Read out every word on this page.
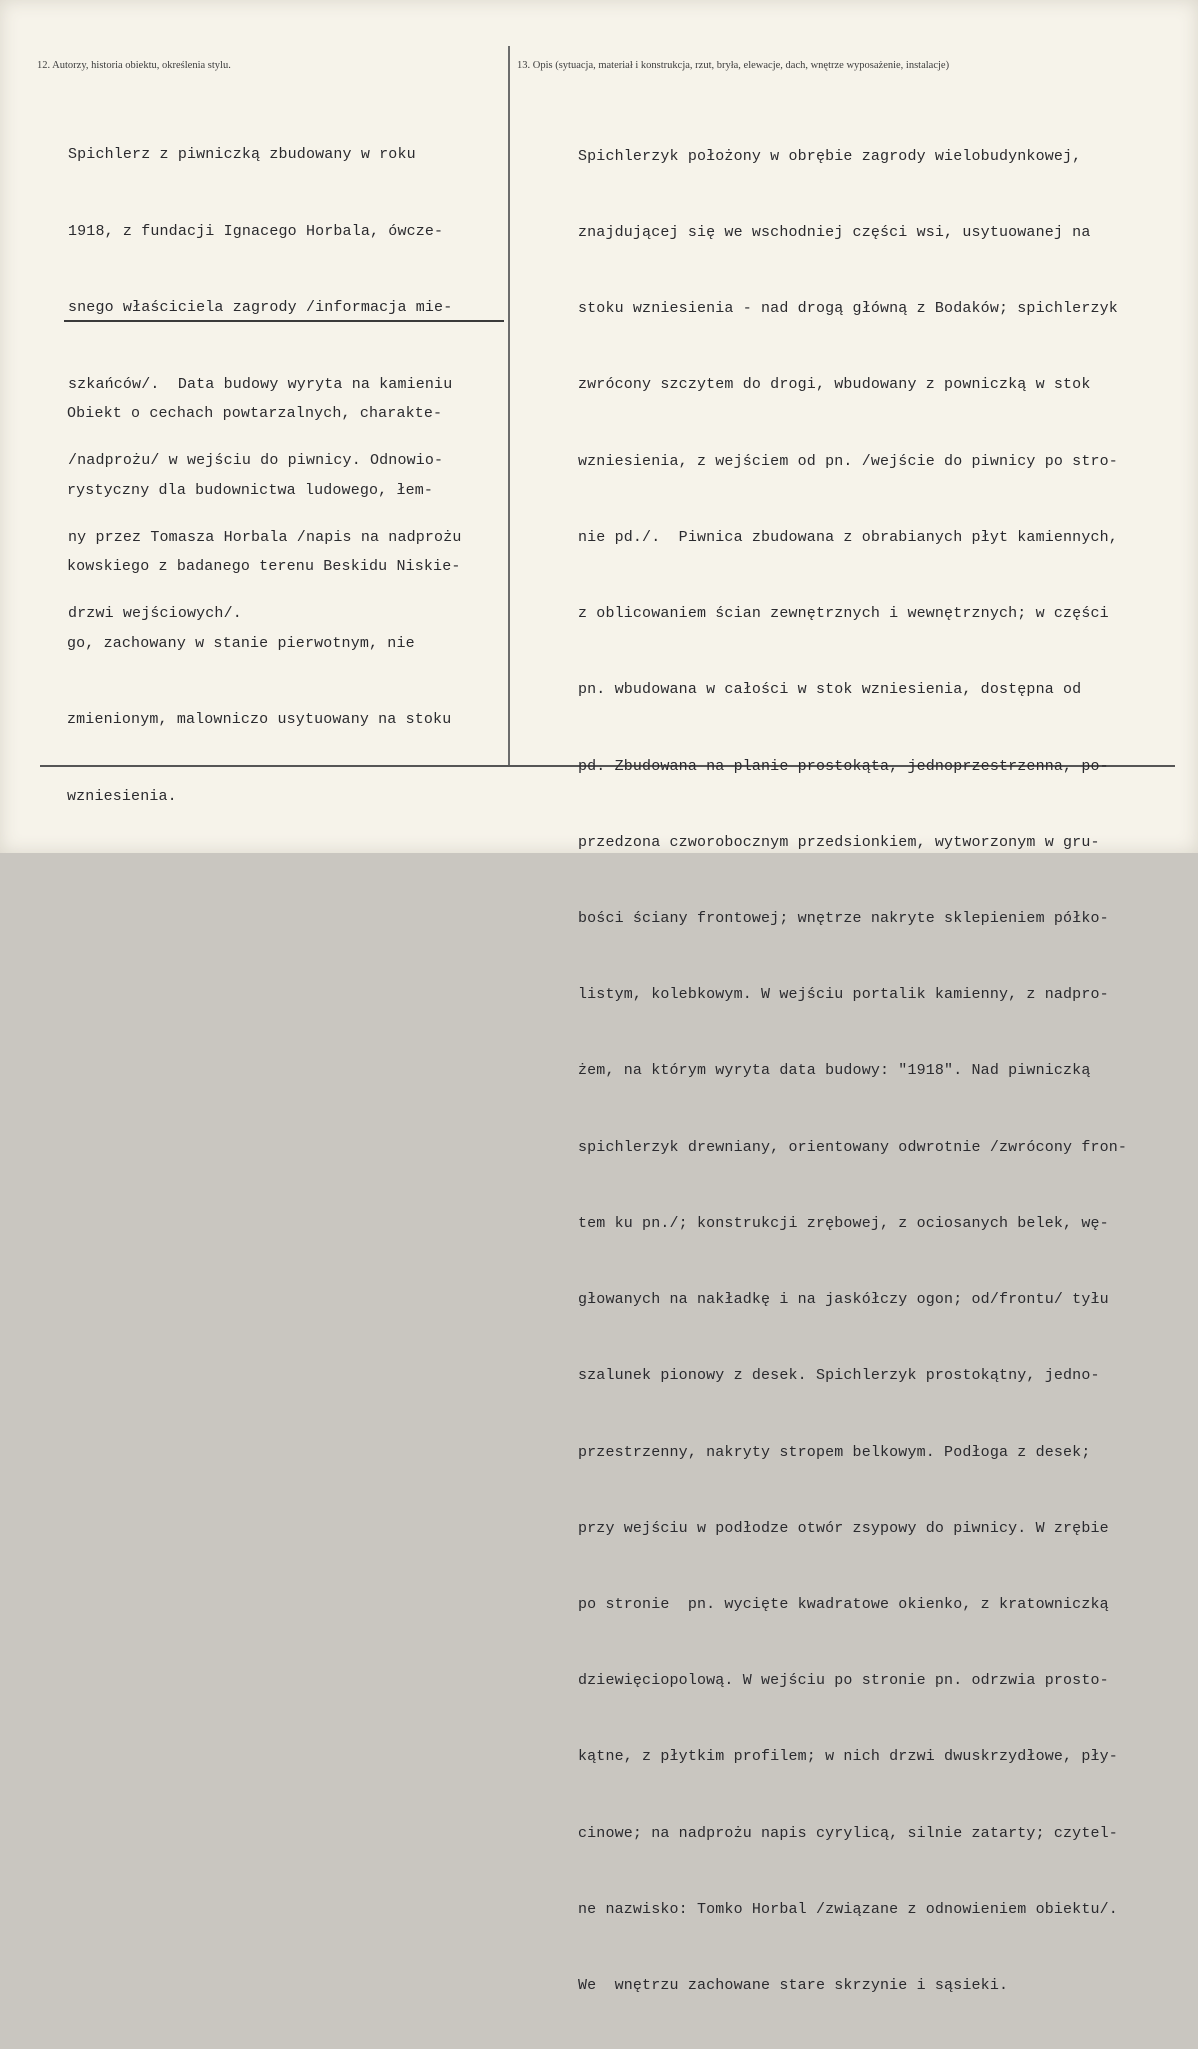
12. Autorzy, historia obiektu, określenia stylu.	13. Opis (sytuacja, materiał i konstrukcja, rzut, bryła, elewacje, dach, wnętrze wyposażenie, instalacje)

Spichlerz z piwniczką zbudowany w roku

1918, z fundacji Ignacego Horbala, ówcze-

snego właściciela zagrody /informacja mie-

szkańców/.  Data budowy wyryta na kamieniu

/nadprożu/ w wejściu do piwnicy. Odnowio-

ny przez Tomasza Horbala /napis na nadprożu

drzwi wejściowych/.

Obiekt o cechach powtarzalnych, charakte-

rystyczny dla budownictwa ludowego, łem-

kowskiego z badanego terenu Beskidu Niskie-

go, zachowany w stanie pierwotnym, nie

zmienionym, malowniczo usytuowany na stoku

wzniesienia.

Spichlerzyk położony w obrębie zagrody wielobudynkowej,

znajdującej się we wschodniej części wsi, usytuowanej na

stoku wzniesienia - nad drogą główną z Bodaków; spichlerzyk

zwrócony szczytem do drogi, wbudowany z powniczką w stok

wzniesienia, z wejściem od pn. /wejście do piwnicy po stro-

nie pd./.  Piwnica zbudowana z obrabianych płyt kamiennych,

z oblicowaniem ścian zewnętrznych i wewnętrznych; w części

pn. wbudowana w całości w stok wzniesienia, dostępna od

pd. Zbudowana na planie prostokąta, jednoprzestrzenna, po-

przedzona czworobocznym przedsionkiem, wytworzonym w gru-

bości ściany frontowej; wnętrze nakryte sklepieniem półko-

listym, kolebkowym. W wejściu portalik kamienny, z nadpro-

żem, na którym wyryta data budowy: "1918". Nad piwniczką

spichlerzyk drewniany, orientowany odwrotnie /zwrócony fron-

tem ku pn./; konstrukcji zrębowej, z ociosanych belek, wę-

głowanych na nakładkę i na jaskółczy ogon; od/frontu/ tyłu

szalunek pionowy z desek. Spichlerzyk prostokątny, jedno-

przestrzenny, nakryty stropem belkowym. Podłoga z desek;

przy wejściu w podłodze otwór zsypowy do piwnicy. W zrębie

po stronie  pn. wycięte kwadratowe okienko, z kratowniczką

dziewięciopolową. W wejściu po stronie pn. odrzwia prosto-

kątne, z płytkim profilem; w nich drzwi dwuskrzydłowe, pły-

cinowe; na nadprożu napis cyrylicą, silnie zatarty; czytel-

ne nazwisko: Tomko Horbal /związane z odnowieniem obiektu/.

We  wnętrzu zachowane stare skrzynie i sąsieki.
